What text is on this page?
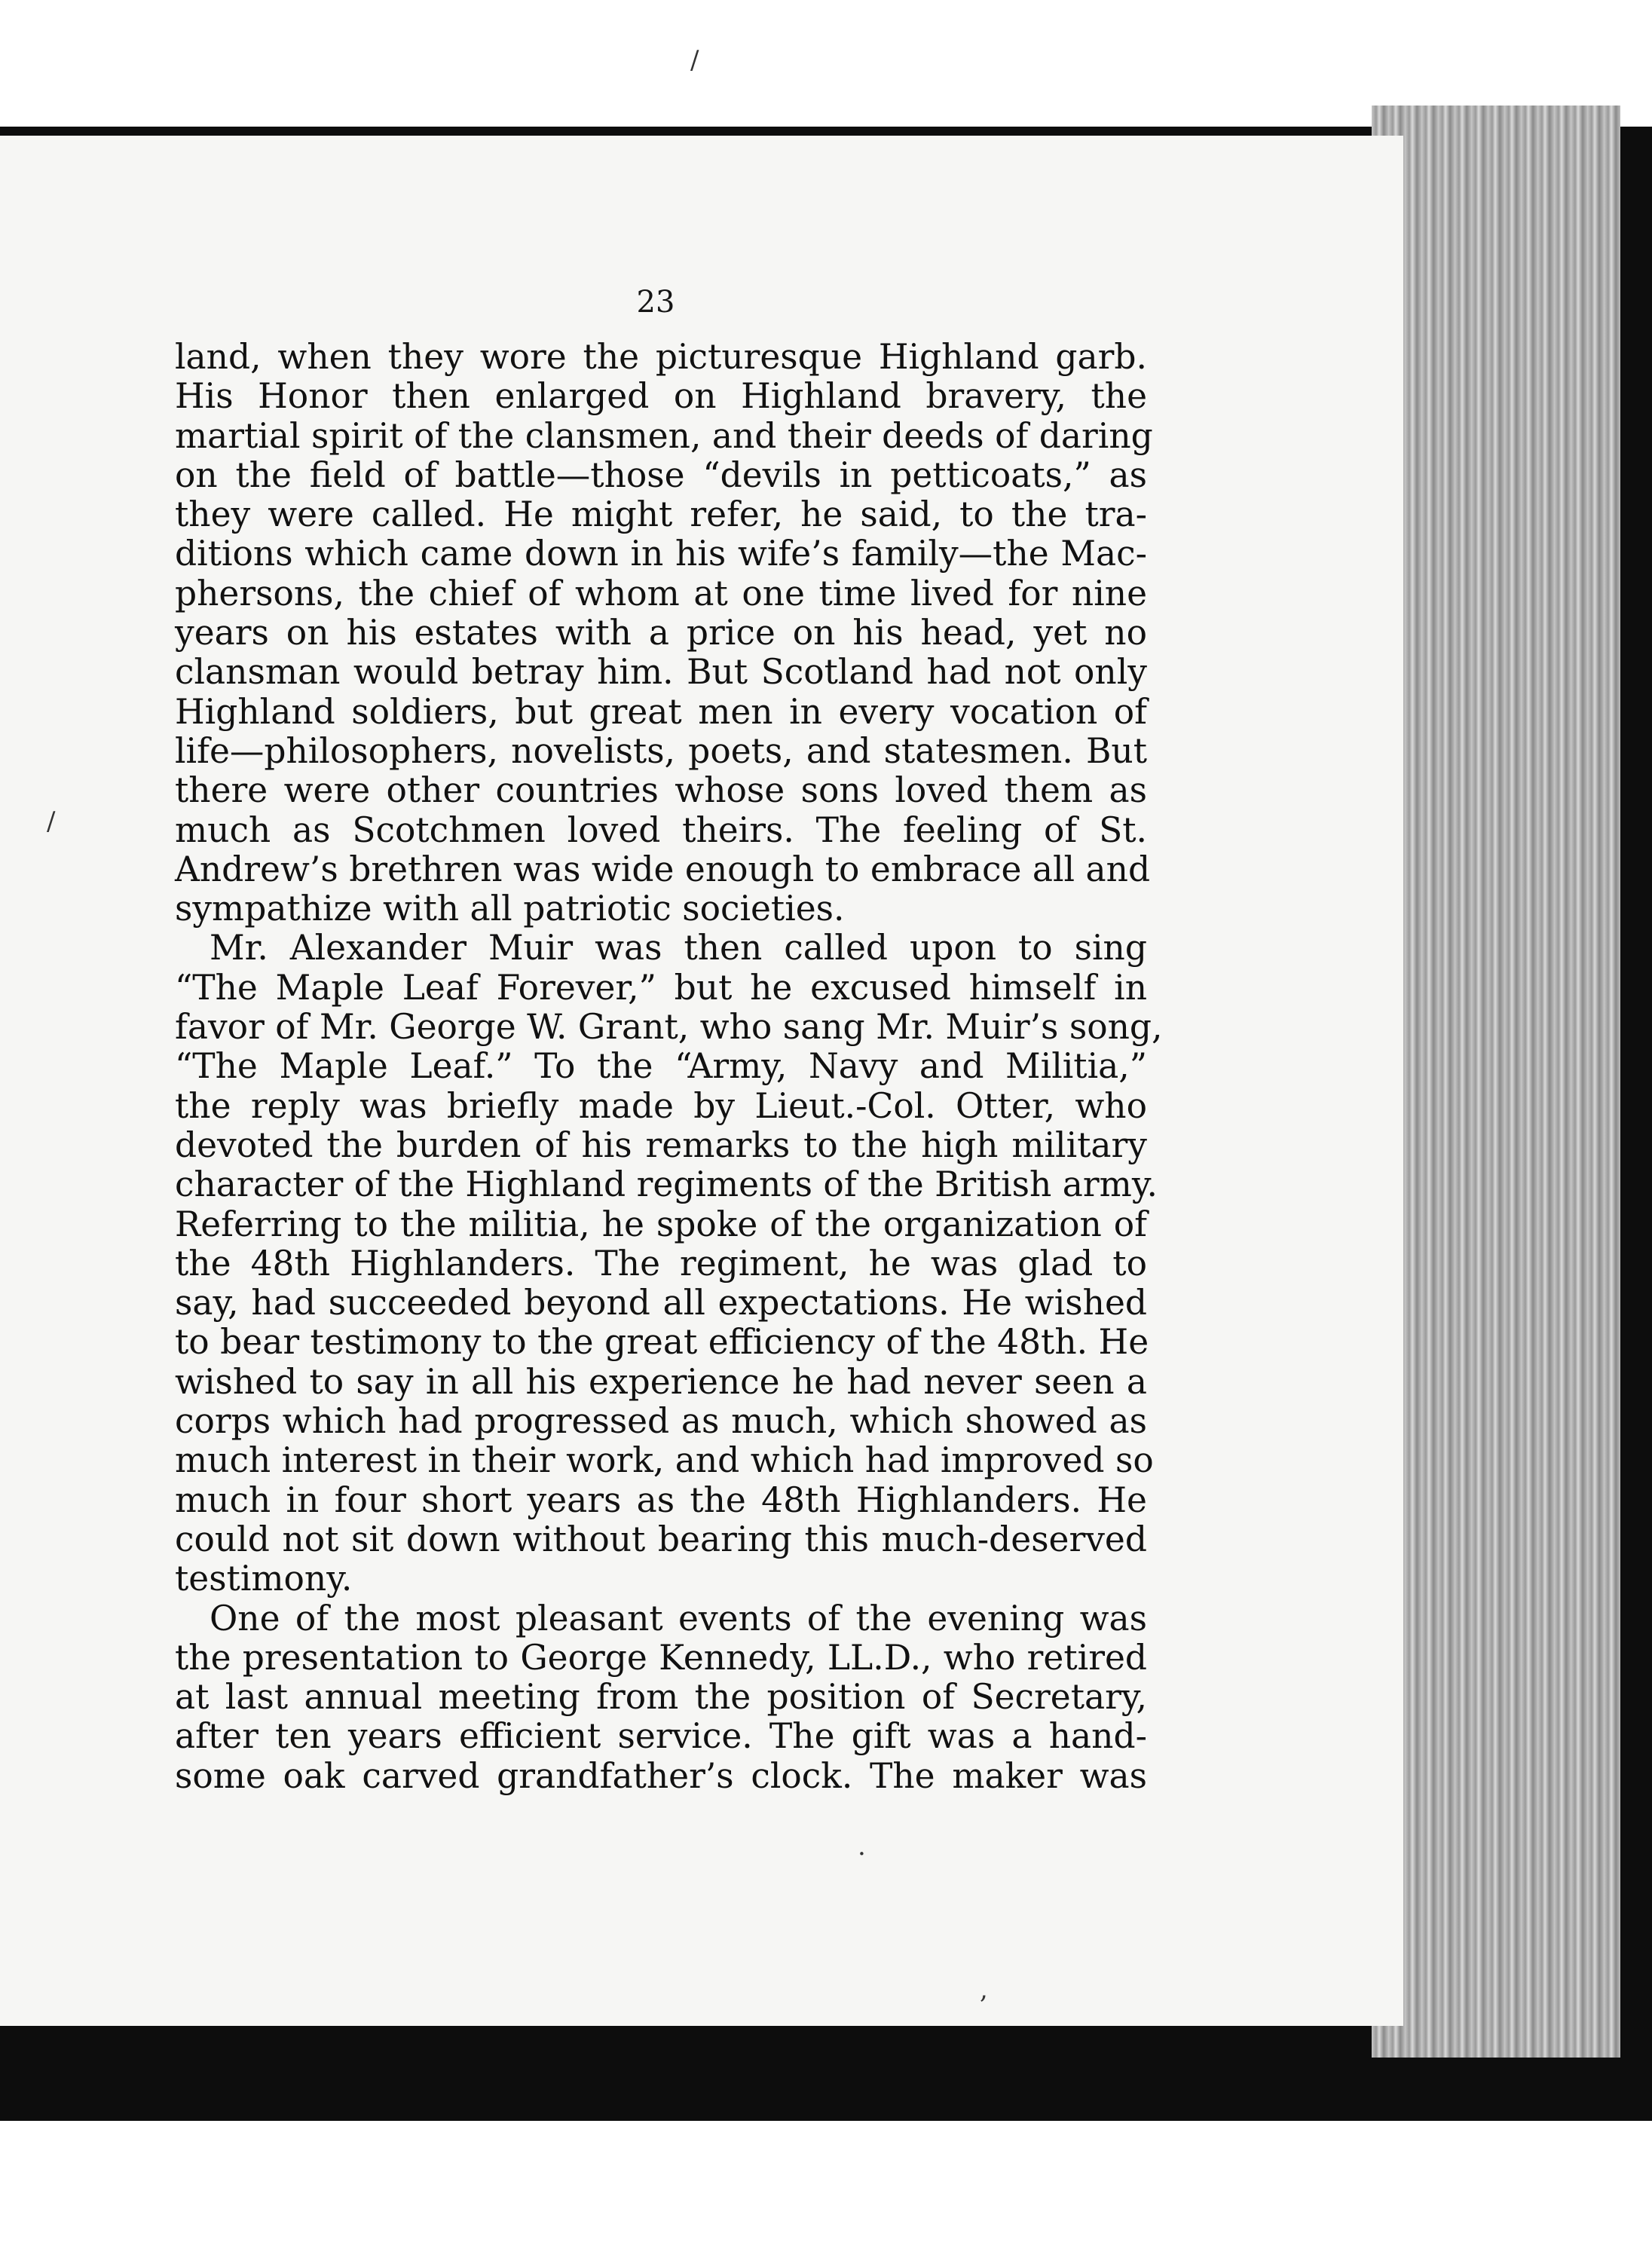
23
land, when they wore the picturesque Highland garb.
His Honor then enlarged on Highland bravery, the
martial spirit of the clansmen, and their deeds of daring
on the field of battle—those “devils in petticoats,” as
they were called. He might refer, he said, to the tra-
ditions which came down in his wife’s family—the Mac-
phersons, the chief of whom at one time lived for nine
years on his estates with a price on his head, yet no
clansman would betray him. But Scotland had not only
Highland soldiers, but great men in every vocation of
life—philosophers, novelists, poets, and statesmen. But
there were other countries whose sons loved them as
much as Scotchmen loved theirs. The feeling of St.
Andrew’s brethren was wide enough to embrace all and
sympathize with all patriotic societies.
Mr. Alexander Muir was then called upon to sing
“The Maple Leaf Forever,” but he excused himself in
favor of Mr. George W. Grant, who sang Mr. Muir’s song,
“The Maple Leaf.” To the “Army, Navy and Militia,”
the reply was briefly made by Lieut.-Col. Otter, who
devoted the burden of his remarks to the high military
character of the Highland regiments of the British army.
Referring to the militia, he spoke of the organization of
the 48th Highlanders. The regiment, he was glad to
say, had succeeded beyond all expectations. He wished
to bear testimony to the great efficiency of the 48th. He
wished to say in all his experience he had never seen a
corps which had progressed as much, which showed as
much interest in their work, and which had improved so
much in four short years as the 48th Highlanders. He
could not sit down without bearing this much-deserved
testimony.
One of the most pleasant events of the evening was
the presentation to George Kennedy, LL.D., who retired
at last annual meeting from the position of Secretary,
after ten years efficient service. The gift was a hand-
some oak carved grandfather’s clock. The maker was
/
/
.
,
